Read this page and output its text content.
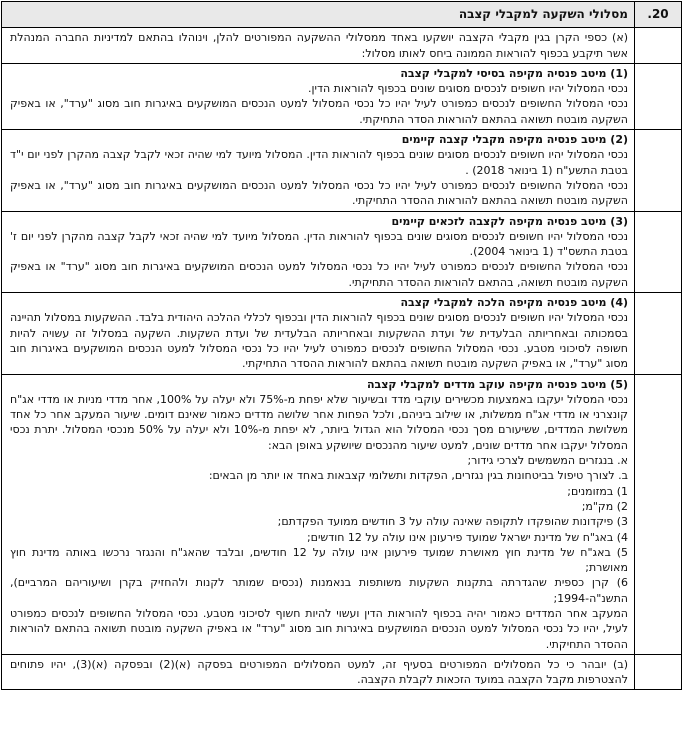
20.
מסלולי השקעה למקבלי קצבה
(א) כספי הקרן בגין מקבלי הקצבה יושקעו באחד ממסלולי ההשקעה המפורטים להלן, וינוהלו בהתאם למדיניות החברה המנהלת אשר תיקבע בכפוף להוראות הממונה ביחס לאותו מסלול:

(1) מיטב פנסיה מקיפה בסיסי למקבלי קצבה

נכסי המסלול יהיו חשופים לנכסים מסוגים שונים בכפוף להוראות הדין.

נכסי המסלול החשופים לנכסים כמפורט לעיל יהיו כל נכסי המסלול למעט הנכסים המושקעים באיגרות חוב מסוג "ערד", או באפיק השקעה מובטח תשואה בהתאם להוראות הסדר התחיקתי.

(2) מיטב פנסיה מקיפה מקבלי קצבה קיימים

נכסי המסלול יהיו חשופים לנכסים מסוגים שונים בכפוף להוראות הדין. המסלול מיועד למי שהיה זכאי לקבל קצבה מהקרן לפני יום י"ד בטבת התשע"ח (1 בינואר 2018) .

נכסי המסלול החשופים לנכסים כמפורט לעיל יהיו כל נכסי המסלול למעט הנכסים המושקעים באיגרות חוב מסוג "ערד", או באפיק השקעה מובטח תשואה בהתאם להוראות ההסדר התחיקתי.

(3) מיטב פנסיה מקיפה לקצבה לזכאים קיימים

נכסי המסלול יהיו חשופים לנכסים מסוגים שונים בכפוף להוראות הדין. המסלול מיועד למי שהיה זכאי לקבל קצבה מהקרן לפני יום ז' בטבת התשס"ד (1 בינואר 2004).

נכסי המסלול החשופים לנכסים כמפורט לעיל יהיו כל נכסי המסלול למעט הנכסים המושקעים באיגרות חוב מסוג "ערד" או באפיק השקעה מובטח תשואה, בהתאם להוראות ההסדר התחיקתי.

(4) מיטב פנסיה מקיפה הלכה למקבלי קצבה

נכסי המסלול יהיו חשופים לנכסים מסוגים שונים בכפוף להוראות הדין ובכפוף לכללי ההלכה היהודית בלבד. ההשקעות במסלול תהיינה בסמכותה ובאחריותה הבלעדית של ועדת ההשקעות ובאחריותה הבלעדית של ועדת השקעות. השקעה במסלול זה עשויה להיות חשופה לסיכוני מטבע. נכסי המסלול החשופים לנכסים כמפורט לעיל יהיו כל נכסי המסלול למעט הנכסים המושקעים באיגרות חוב מסוג "ערד", או באפיק השקעה מובטח תשואה בהתאם להוראות ההסדר התחיקתי.

(5) מיטב פנסיה מקיפה עוקב מדדים למקבלי קצבה

נכסי המסלול יעקבו באמצעות מכשירים עוקבי מדד ובשיעור שלא יפחת מ-75% ולא יעלה על 100%, אחר מדדי מניות או מדדי אג"ח קונצרני או מדדי אג"ח ממשלות, או שילוב ביניהם, ולכל הפחות אחר שלושה מדדים כאמור שאינם דומים. שיעור המעקב אחר כל אחד משלושת המדדים, ששיעורם מסך נכסי המסלול הוא הגדול ביותר, לא יפחת מ-10% ולא יעלה על 50% מנכסי המסלול. יתרת נכסי המסלול יעקבו אחר מדדים שונים, למעט שיעור מהנכסים שיושקע באופן הבא:

א. בנגזרים המשמשים לצרכי גידור;

ב. לצורך טיפול בביטחונות בגין נגזרים, הפקדות ותשלומי קצבאות באחד או יותר מן הבאים:

1) במזומנים;

2) מק"מ;

3) פיקדונות שהופקדו לתקופה שאינה עולה על 3 חודשים ממועד הפקדתם;

4) באג"ח של מדינת ישראל שמועד פירעונן אינו עולה על 12 חודשים;

5) באג"ח של מדינת חוץ מאושרת שמועד פירעונן אינו עולה על 12 חודשים, ובלבד שהאג"ח והנגזר נרכשו באותה מדינת חוץ מאושרת;

6) קרן כספית שהגדרתה בתקנות השקעות משותפות בנאמנות (נכסים שמותר לקנות ולהחזיק בקרן ושיעוריהם המרביים), התשנ"ה-1994;

המעקב אחר המדדים כאמור יהיה בכפוף להוראות הדין ועשוי להיות חשוף לסיכוני מטבע. נכסי המסלול החשופים לנכסים כמפורט לעיל, יהיו כל נכסי המסלול למעט הנכסים המושקעים באיגרות חוב מסוג "ערד" או באפיק השקעה מובטח תשואה בהתאם להוראות ההסדר התחיקתי.

(ב) יובהר כי כל המסלולים המפורטים בסעיף זה, למעט המסלולים המפורטים בפסקה (א)(2) ובפסקה (א)(3), יהיו פתוחים להצטרפות מקבל הקצבה במועד הזכאות לקבלת הקצבה.
